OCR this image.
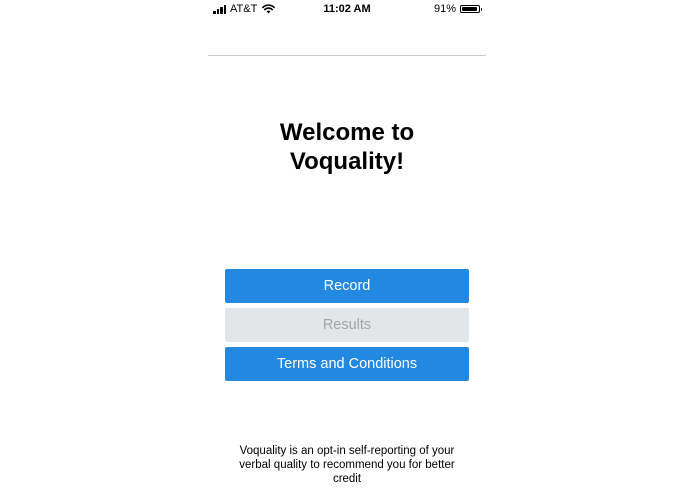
AT&T	11:02 AM	91%
Welcome to
Voquality!
Record
Results
Terms and Conditions
Voquality is an opt-in self-reporting of your verbal quality to recommend you for better credit
